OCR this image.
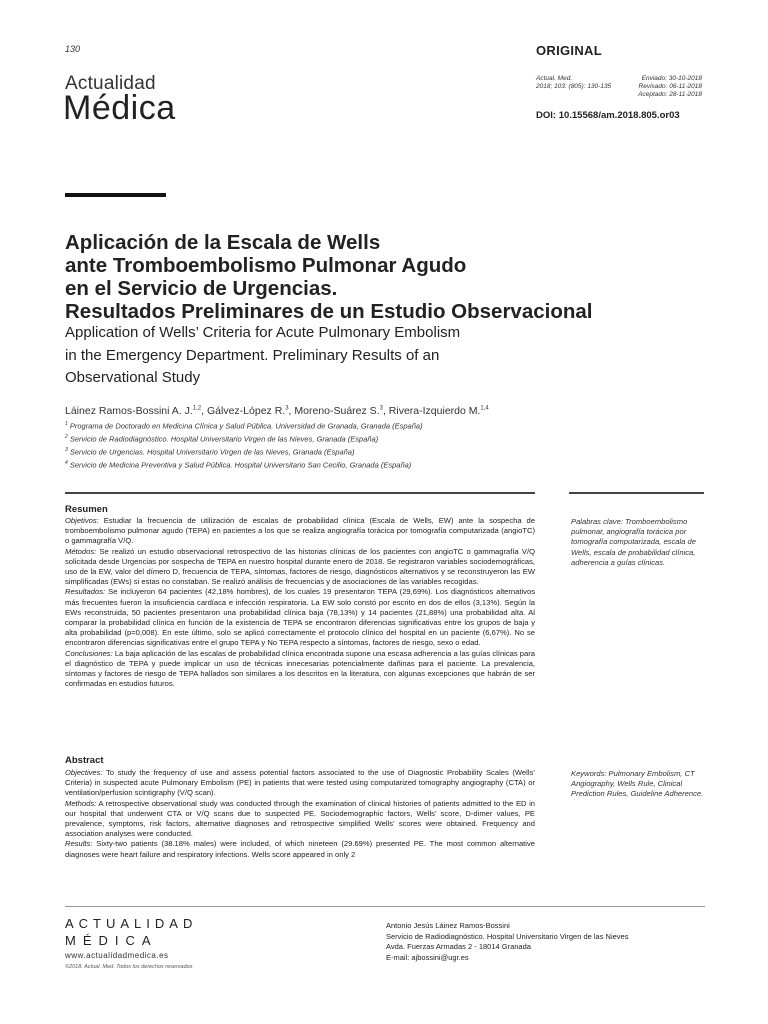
130
Actualidad
Médica
ORIGINAL
Actual. Med.
2018; 103: (805): 130-135
Enviado: 30-10-2018
Revisado: 06-11-2018
Aceptado: 28-11-2018
DOI: 10.15568/am.2018.805.or03
Aplicación de la Escala de Wells
ante Tromboembolismo Pulmonar Agudo
en el Servicio de Urgencias.
Resultados Preliminares de un Estudio Observacional
Application of Wells’ Criteria for Acute Pulmonary Embolism
in the Emergency Department. Preliminary Results of an
Observational Study
Láinez Ramos-Bossini A. J.$^{1,2}$, Gálvez-López R.$^3$, Moreno-Suárez S.$^3$, Rivera-Izquierdo M.$^{1,4}$
$^1$ Programa de Doctorado en Medicina Clínica y Salud Pública. Universidad de Granada, Granada (España)
$^2$ Servicio de Radiodiagnóstico. Hospital Universitario Virgen de las Nieves, Granada (España)
$^3$ Servicio de Urgencias. Hospital Universitario Virgen de las Nieves, Granada (España)
$^4$ Servicio de Medicina Preventiva y Salud Pública. Hospital Universitario San Cecilio, Granada (España)
Resumen

Objetivos: Estudiar la frecuencia de utilización de escalas de probabilidad clínica (Escala de Wells, EW) ante la sospecha de tromboembolismo pulmonar agudo (TEPA) en pacientes a los que se realiza angiografía torácica por tomografía computarizada (angioTC) o gammagrafía V/Q.

Métodos: Se realizó un estudio observacional retrospectivo de las historias clínicas de los pacientes con angioTC o gammagrafía V/Q solicitada desde Urgencias por sospecha de TEPA en nuestro hospital durante enero de 2018. Se registraron variables sociodemográficas, uso de la EW, valor del dímero D, frecuencia de TEPA, síntomas, factores de riesgo, diagnósticos alternativos y se reconstruyeron las EW simplificadas (EWs) si estas no constaban. Se realizó análisis de frecuencias y de asociaciones de las variables recogidas.

Resultados: Se incluyeron 64 pacientes (42,18% hombres), de los cuales 19 presentaron TEPA (29,69%). Los diagnósticos alternativos más frecuentes fueron la insuficiencia cardíaca e infección respiratoria. La EW solo constó por escrito en dos de ellos (3,13%). Según la EWs reconstruida, 50 pacientes presentaron una probabilidad clínica baja (78,13%) y 14 pacientes (21,88%) una probabilidad alta. Al comparar la probabilidad clínica en función de la existencia de TEPA se encontraron diferencias significativas entre los grupos de baja y alta probabilidad (p=0,008). En este último, solo se aplicó correctamente el protocolo clínico del hospital en un paciente (6,67%). No se encontraron diferencias significativas entre el grupo TEPA y No TEPA respecto a síntomas, factores de riesgo, sexo o edad.

Conclusiones: La baja aplicación de las escalas de probabilidad clínica encontrada supone una escasa adherencia a las guías clínicas para el diagnóstico de TEPA y puede implicar un uso de técnicas innecesarias potencialmente dañinas para el paciente. La prevalencia, síntomas y factores de riesgo de TEPA hallados son similares a los descritos en la literatura, con algunas excepciones que habrán de ser confirmadas en estudios futuros.

Palabras clave: Tromboembolismo pulmonar, angiografía torácica por tomografía computarizada, escala de Wells, escala de probabilidad clínica, adherencia a guías clínicas.
Abstract

Objectives: To study the frequency of use and assess potential factors associated to the use of Diagnostic Probability Scales (Wells’ Criteria) in suspected acute Pulmonary Embolism (PE) in patients that were tested using computarized tomography angiography (CTA) or ventilation/perfusion scintigraphy (V/Q scan).

Methods: A retrospective observational study was conducted through the examination of clinical histories of patients admitted to the ED in our hospital that underwent CTA or V/Q scans due to suspected PE. Sociodemographic factors, Wells’ score, D-dimer values, PE prevalence, symptoms, risk factors, alternative diagnoses and retrospective simplified Wells’ scores were obtained. Frequency and association analyses were conducted.

Results: Sixty-two patients (38.18% males) were included, of which nineteen (29.69%) presented PE. The most common alternative diagnoses were heart failure and respiratory infections. Wells score appeared in only 2

Keywords: Pulmonary Embolism, CT Angiography, Wells Rule, Clinical Prediction Rules, Guideline Adherence.
ACTUALIDAD
MÉDICA
www.actualidadmedica.es
©2018. Actual. Med. Todos los derechos reservados
Antonio Jesús Láinez Ramos-Bossini
Servicio de Radiodiagnóstico. Hospital Universitario Virgen de las Nieves
Avda. Fuerzas Armadas 2 - 18014 Granada
E-mail: ajbossini@ugr.es
